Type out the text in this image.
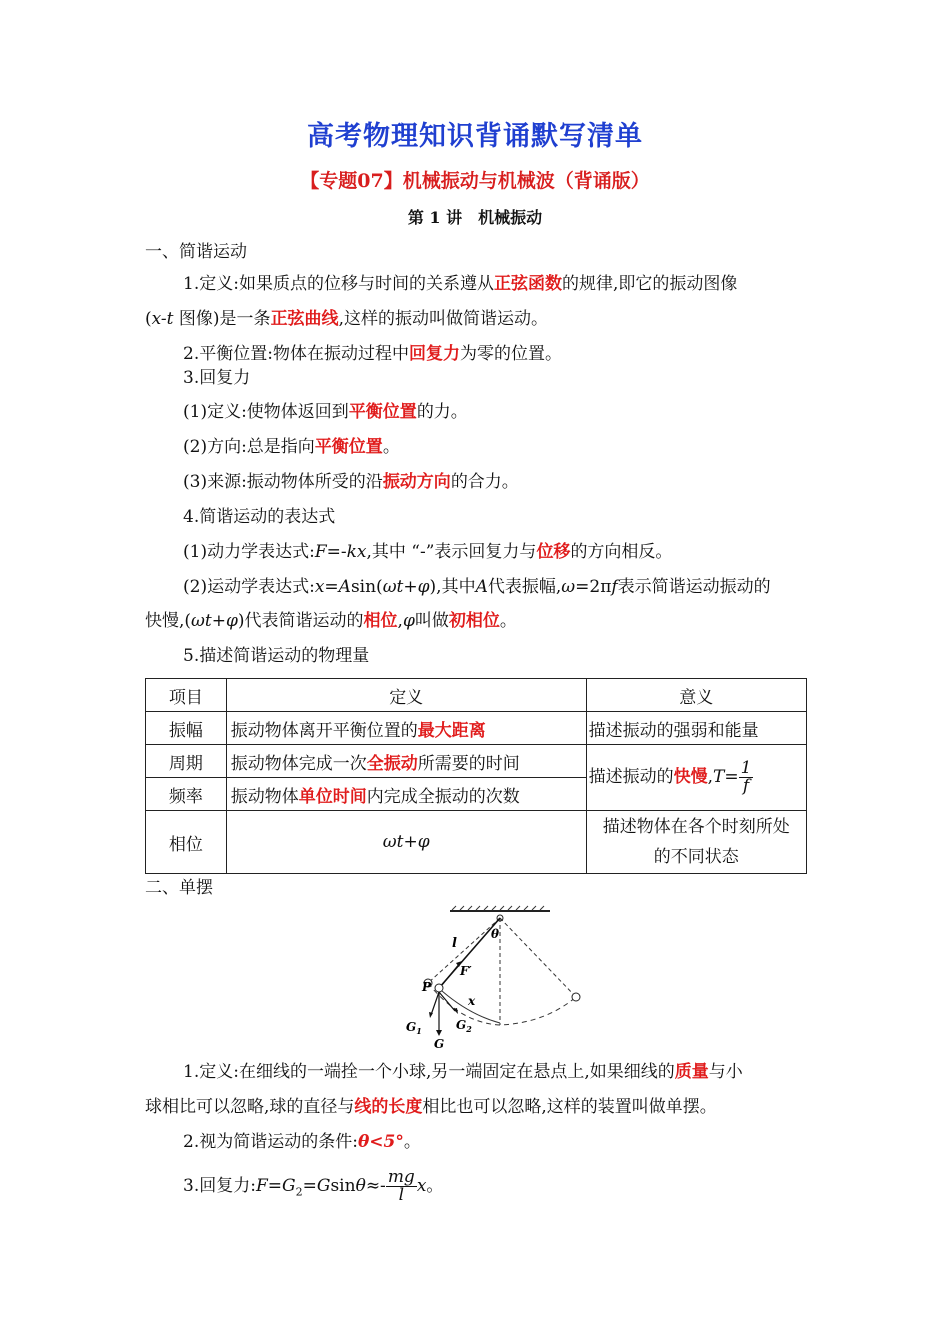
高考物理知识背诵默写清单
【专题07】机械振动与机械波（背诵版）
第 1 讲　机械振动
一、简谐运动
1.定义:如果质点的位移与时间的关系遵从正弦函数的规律,即它的振动图像
(x-t 图像)是一条正弦曲线,这样的振动叫做简谐运动。
2.平衡位置:物体在振动过程中回复力为零的位置。
3.回复力
(1)定义:使物体返回到平衡位置的力。
(2)方向:总是指向平衡位置。
(3)来源:振动物体所受的沿振动方向的合力。
4.简谐运动的表达式
(1)动力学表达式:F=-kx,其中 “-”表示回复力与位移的方向相反。
(2)运动学表达式:x=Asin(ωt+φ),其中A代表振幅,ω=2πf表示简谐运动振动的
快慢,(ωt+φ)代表简谐运动的相位,φ叫做初相位。
5.描述简谐运动的物理量
项目	定义	意义
振幅	振动物体离开平衡位置的最大距离	描述振动的强弱和能量
周期	振动物体完成一次全振动所需要的时间	描述振动的快慢$,T= \frac{1}{f}$

频率	振动物体单位时间内完成全振动的次数	
相位	ωt+φ	描述物体在各个时刻所处
的不同状态
二、单摆
l
θ
F′
P
x
$G_1$	$G_2$
G
1.定义:在细线的一端拴一个小球,另一端固定在悬点上,如果细线的质量与小
球相比可以忽略,球的直径与线的长度相比也可以忽略,这样的装置叫做单摆。
2.视为简谐运动的条件:θ<5°。
3.回复力$:F=G_2=Gsin\theta\approx- \frac{mg}{l}$ x。
